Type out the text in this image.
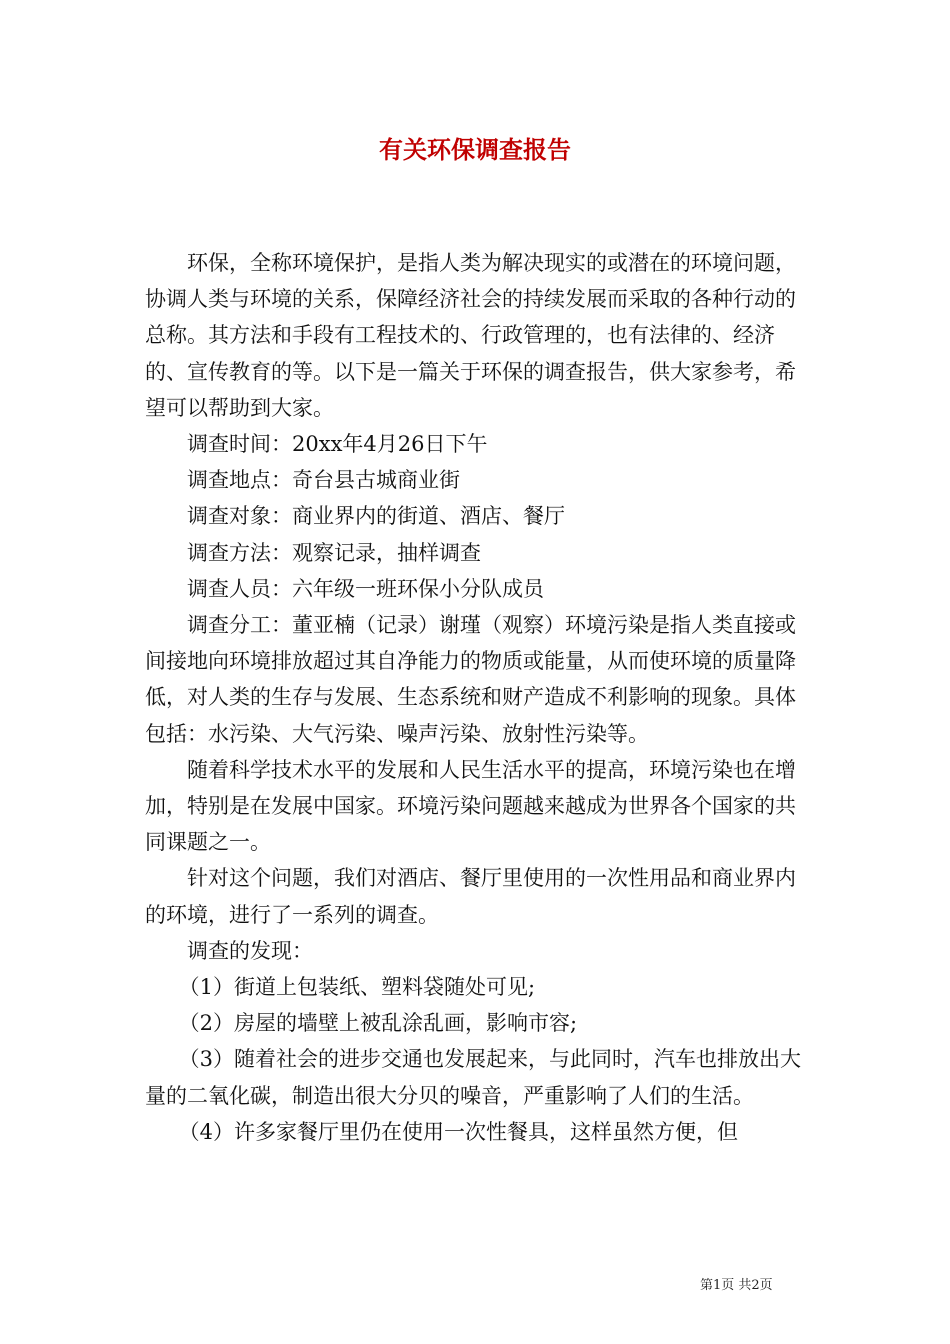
有关环保调查报告

环保，全称环境保护，是指人类为解决现实的或潜在的环境问题，协调人类与环境的关系，保障经济社会的持续发展而采取的各种行动的总称。其方法和手段有工程技术的、行政管理的，也有法律的、经济的、宣传教育的等。以下是一篇关于环保的调查报告，供大家参考，希望可以帮助到大家。

调查时间：20xx年4月26日下午

调查地点：奇台县古城商业街

调查对象：商业界内的街道、酒店、餐厅

调查方法：观察记录，抽样调查

调查人员：六年级一班环保小分队成员

调查分工：董亚楠（记录）谢瑾（观察）环境污染是指人类直接或间接地向环境排放超过其自净能力的物质或能量，从而使环境的质量降低，对人类的生存与发展、生态系统和财产造成不利影响的现象。具体包括：水污染、大气污染、噪声污染、放射性污染等。

随着科学技术水平的发展和人民生活水平的提高，环境污染也在增加，特别是在发展中国家。环境污染问题越来越成为世界各个国家的共同课题之一。

针对这个问题，我们对酒店、餐厅里使用的一次性用品和商业界内的环境，进行了一系列的调查。

调查的发现：

（1）街道上包装纸、塑料袋随处可见;

（2）房屋的墙壁上被乱涂乱画，影响市容;

（3）随着社会的进步交通也发展起来，与此同时，汽车也排放出大量的二氧化碳，制造出很大分贝的噪音，严重影响了人们的生活。

（4）许多家餐厅里仍在使用一次性餐具，这样虽然方便，但

第1页 共2页
